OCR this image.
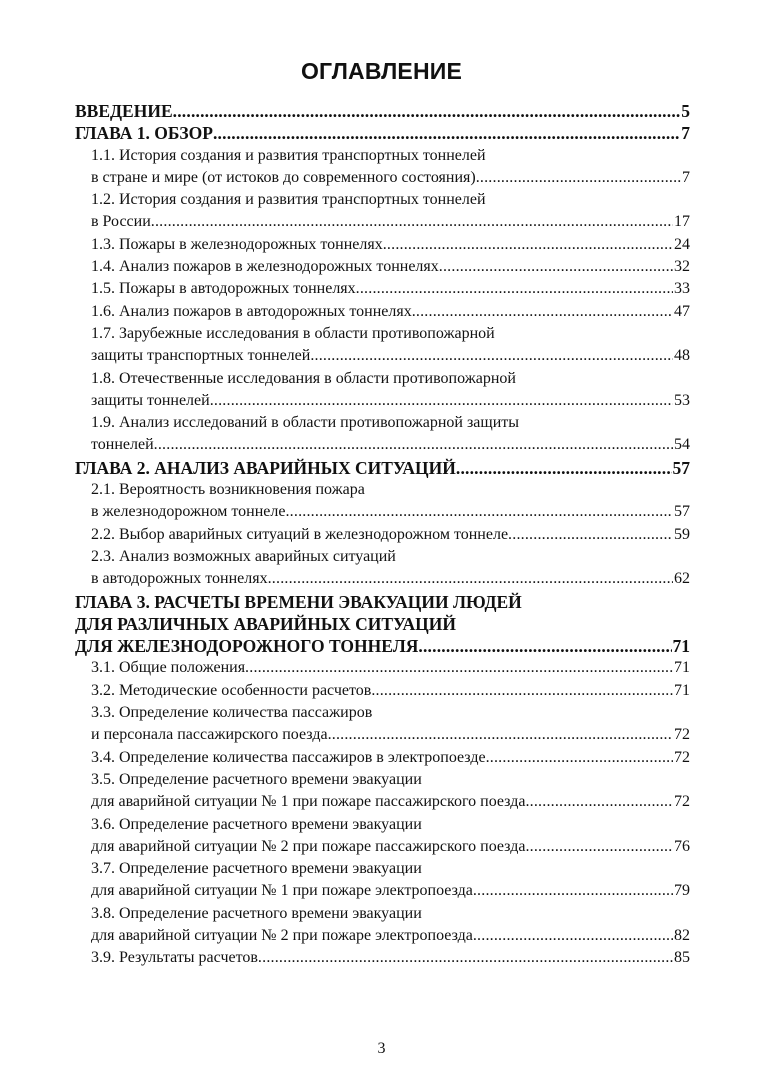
ОГЛАВЛЕНИЕ
ВВЕДЕНИЕ .....	5
ГЛАВА 1. ОБЗОР .....	7
1.1. История создания и развития транспортных тоннелей
в стране и мире (от истоков до современного состояния) .....	7
1.2. История создания и развития транспортных тоннелей
в России .....	17
1.3. Пожары в железнодорожных тоннелях .....	24
1.4. Анализ пожаров в железнодорожных тоннелях .....	32
1.5. Пожары в автодорожных тоннелях .....	33
1.6. Анализ пожаров в автодорожных тоннелях .....	47
1.7. Зарубежные исследования в области противопожарной
защиты транспортных тоннелей .....	48
1.8. Отечественные исследования в области противопожарной
защиты тоннелей .....	53
1.9. Анализ исследований в области противопожарной защиты
тоннелей .....	54
ГЛАВА 2. АНАЛИЗ АВАРИЙНЫХ СИТУАЦИЙ .....	57
2.1. Вероятность возникновения пожара
в железнодорожном тоннеле .....	57
2.2. Выбор аварийных ситуаций в железнодорожном тоннеле .....	59
2.3. Анализ возможных аварийных ситуаций
в автодорожных тоннелях .....	62
ГЛАВА 3. РАСЧЕТЫ ВРЕМЕНИ ЭВАКУАЦИИ ЛЮДЕЙ
ДЛЯ РАЗЛИЧНЫХ АВАРИЙНЫХ СИТУАЦИЙ
ДЛЯ ЖЕЛЕЗНОДОРОЖНОГО ТОННЕЛЯ .....	71
3.1. Общие положения .....	71
3.2. Методические особенности расчетов .....	71
3.3. Определение количества пассажиров
и персонала пассажирского поезда .....	72
3.4. Определение количества пассажиров в электропоезде .....	72
3.5. Определение расчетного времени эвакуации
для аварийной ситуации № 1 при пожаре пассажирского поезда .....	72
3.6. Определение расчетного времени эвакуации
для аварийной ситуации № 2 при пожаре пассажирского поезда .....	76
3.7. Определение расчетного времени эвакуации
для аварийной ситуации № 1 при пожаре электропоезда .....	79
3.8. Определение расчетного времени эвакуации
для аварийной ситуации № 2 при пожаре электропоезда .....	82
3.9. Результаты расчетов .....	85
3
